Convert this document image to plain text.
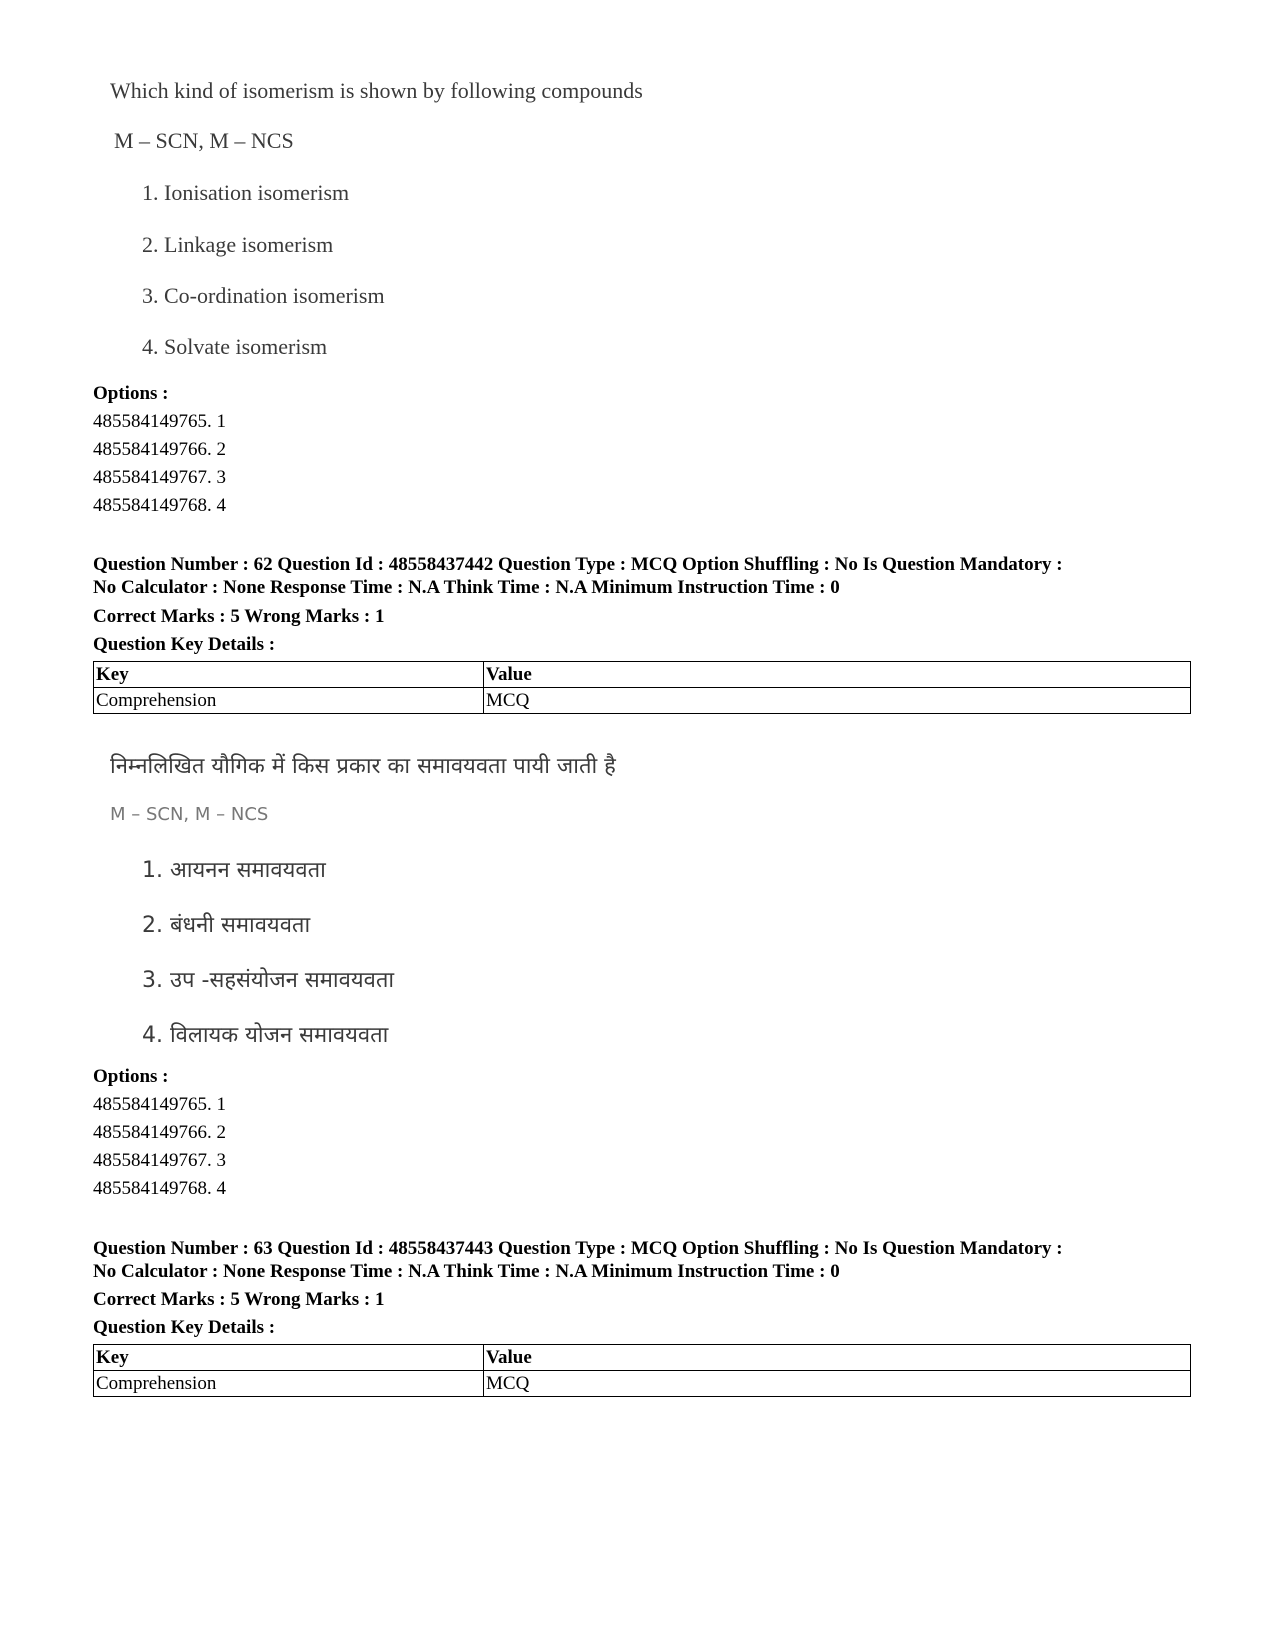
Which kind of isomerism is shown by following compounds
M – SCN, M – NCS
1. Ionisation isomerism
2. Linkage isomerism
3. Co-ordination isomerism
4. Solvate isomerism
Options :
485584149765. 1
485584149766. 2
485584149767. 3
485584149768. 4
Question Number : 62 Question Id : 48558437442 Question Type : MCQ Option Shuffling : No Is Question Mandatory :
No Calculator : None Response Time : N.A Think Time : N.A Minimum Instruction Time : 0
Correct Marks : 5 Wrong Marks : 1
Question Key Details :
Key	Value
Comprehension	MCQ
निम्नलिखित यौगिक में किस प्रकार का समावयवता पायी जाती है
M – SCN, M – NCS
1. आयनन समावयवता
2. बंधनी समावयवता
3. उप -सहसंयोजन समावयवता
4. विलायक योजन समावयवता
Options :
485584149765. 1
485584149766. 2
485584149767. 3
485584149768. 4
Question Number : 63 Question Id : 48558437443 Question Type : MCQ Option Shuffling : No Is Question Mandatory :
No Calculator : None Response Time : N.A Think Time : N.A Minimum Instruction Time : 0
Correct Marks : 5 Wrong Marks : 1
Question Key Details :
Key	Value
Comprehension	MCQ
